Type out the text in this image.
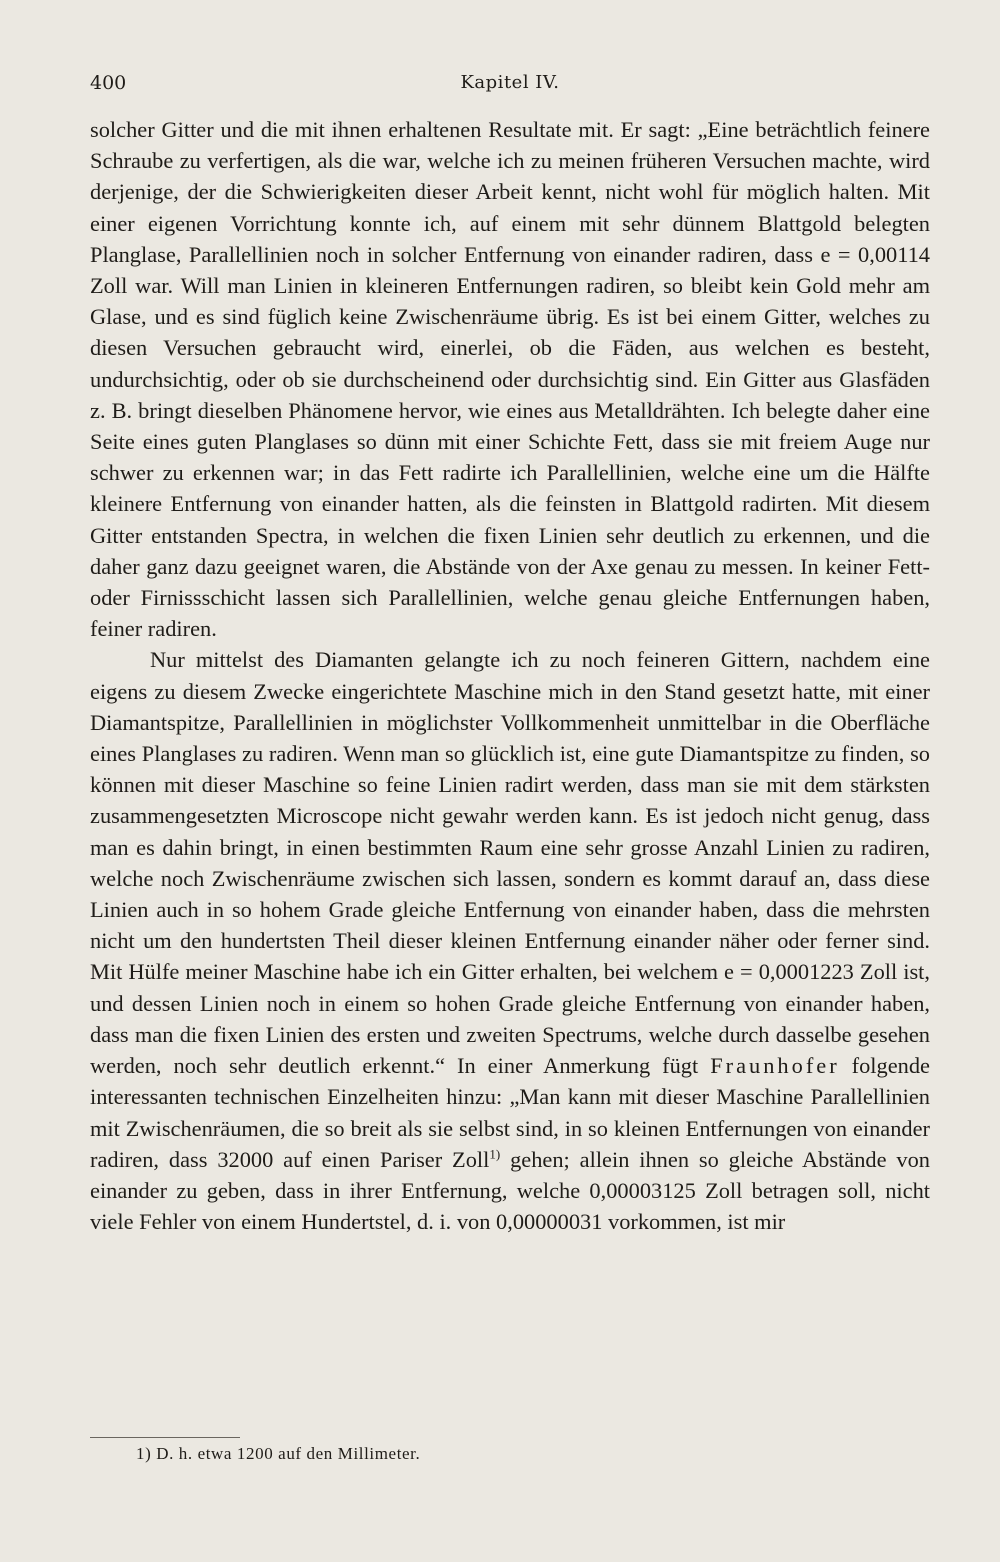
400	Kapitel IV.

solcher Gitter und die mit ihnen erhaltenen Resultate mit. Er sagt: „Eine beträchtlich feinere Schraube zu verfertigen, als die war, welche ich zu meinen früheren Versuchen machte, wird derjenige, der die Schwierigkeiten dieser Arbeit kennt, nicht wohl für möglich halten. Mit einer eigenen Vorrichtung konnte ich, auf einem mit sehr dünnem Blattgold belegten Planglase, Parallellinien noch in solcher Entfernung von einander radiren, dass e = 0,00114 Zoll war. Will man Linien in kleineren Entfernungen radiren, so bleibt kein Gold mehr am Glase, und es sind füglich keine Zwischenräume übrig. Es ist bei einem Gitter, welches zu diesen Versuchen gebraucht wird, einerlei, ob die Fäden, aus welchen es besteht, undurchsichtig, oder ob sie durchscheinend oder durchsichtig sind. Ein Gitter aus Glasfäden z. B. bringt dieselben Phänomene hervor, wie eines aus Metalldrähten. Ich belegte daher eine Seite eines guten Planglases so dünn mit einer Schichte Fett, dass sie mit freiem Auge nur schwer zu erkennen war; in das Fett radirte ich Parallellinien, welche eine um die Hälfte kleinere Entfernung von einander hatten, als die feinsten in Blattgold radirten. Mit diesem Gitter entstanden Spectra, in welchen die fixen Linien sehr deutlich zu erkennen, und die daher ganz dazu geeignet waren, die Abstände von der Axe genau zu messen. In keiner Fett- oder Firnissschicht lassen sich Parallellinien, welche genau gleiche Entfernungen haben, feiner radiren.

Nur mittelst des Diamanten gelangte ich zu noch feineren Gittern, nachdem eine eigens zu diesem Zwecke eingerichtete Maschine mich in den Stand gesetzt hatte, mit einer Diamantspitze, Parallellinien in möglichster Vollkommenheit unmittelbar in die Oberfläche eines Planglases zu radiren. Wenn man so glücklich ist, eine gute Diamantspitze zu finden, so können mit dieser Maschine so feine Linien radirt werden, dass man sie mit dem stärksten zusammengesetzten Microscope nicht gewahr werden kann. Es ist jedoch nicht genug, dass man es dahin bringt, in einen bestimmten Raum eine sehr grosse Anzahl Linien zu radiren, welche noch Zwischenräume zwischen sich lassen, sondern es kommt darauf an, dass diese Linien auch in so hohem Grade gleiche Entfernung von einander haben, dass die mehrsten nicht um den hundertsten Theil dieser kleinen Entfernung einander näher oder ferner sind. Mit Hülfe meiner Maschine habe ich ein Gitter erhalten, bei welchem e = 0,0001223 Zoll ist, und dessen Linien noch in einem so hohen Grade gleiche Entfernung von einander haben, dass man die fixen Linien des ersten und zweiten Spectrums, welche durch dasselbe gesehen werden, noch sehr deutlich erkennt.“ In einer Anmerkung fügt Fraunhofer folgende interessanten technischen Einzelheiten hinzu: „Man kann mit dieser Maschine Parallellinien mit Zwischenräumen, die so breit als sie selbst sind, in so kleinen Entfernungen von einander radiren, dass 32000 auf einen Pariser Zoll$^{1)}$ gehen; allein ihnen so gleiche Abstände von einander zu geben, dass in ihrer Entfernung, welche 0,00003125 Zoll betragen soll, nicht viele Fehler von einem Hundertstel, d. i. von 0,00000031 vorkommen, ist mir

1) D. h. etwa 1200 auf den Millimeter.
